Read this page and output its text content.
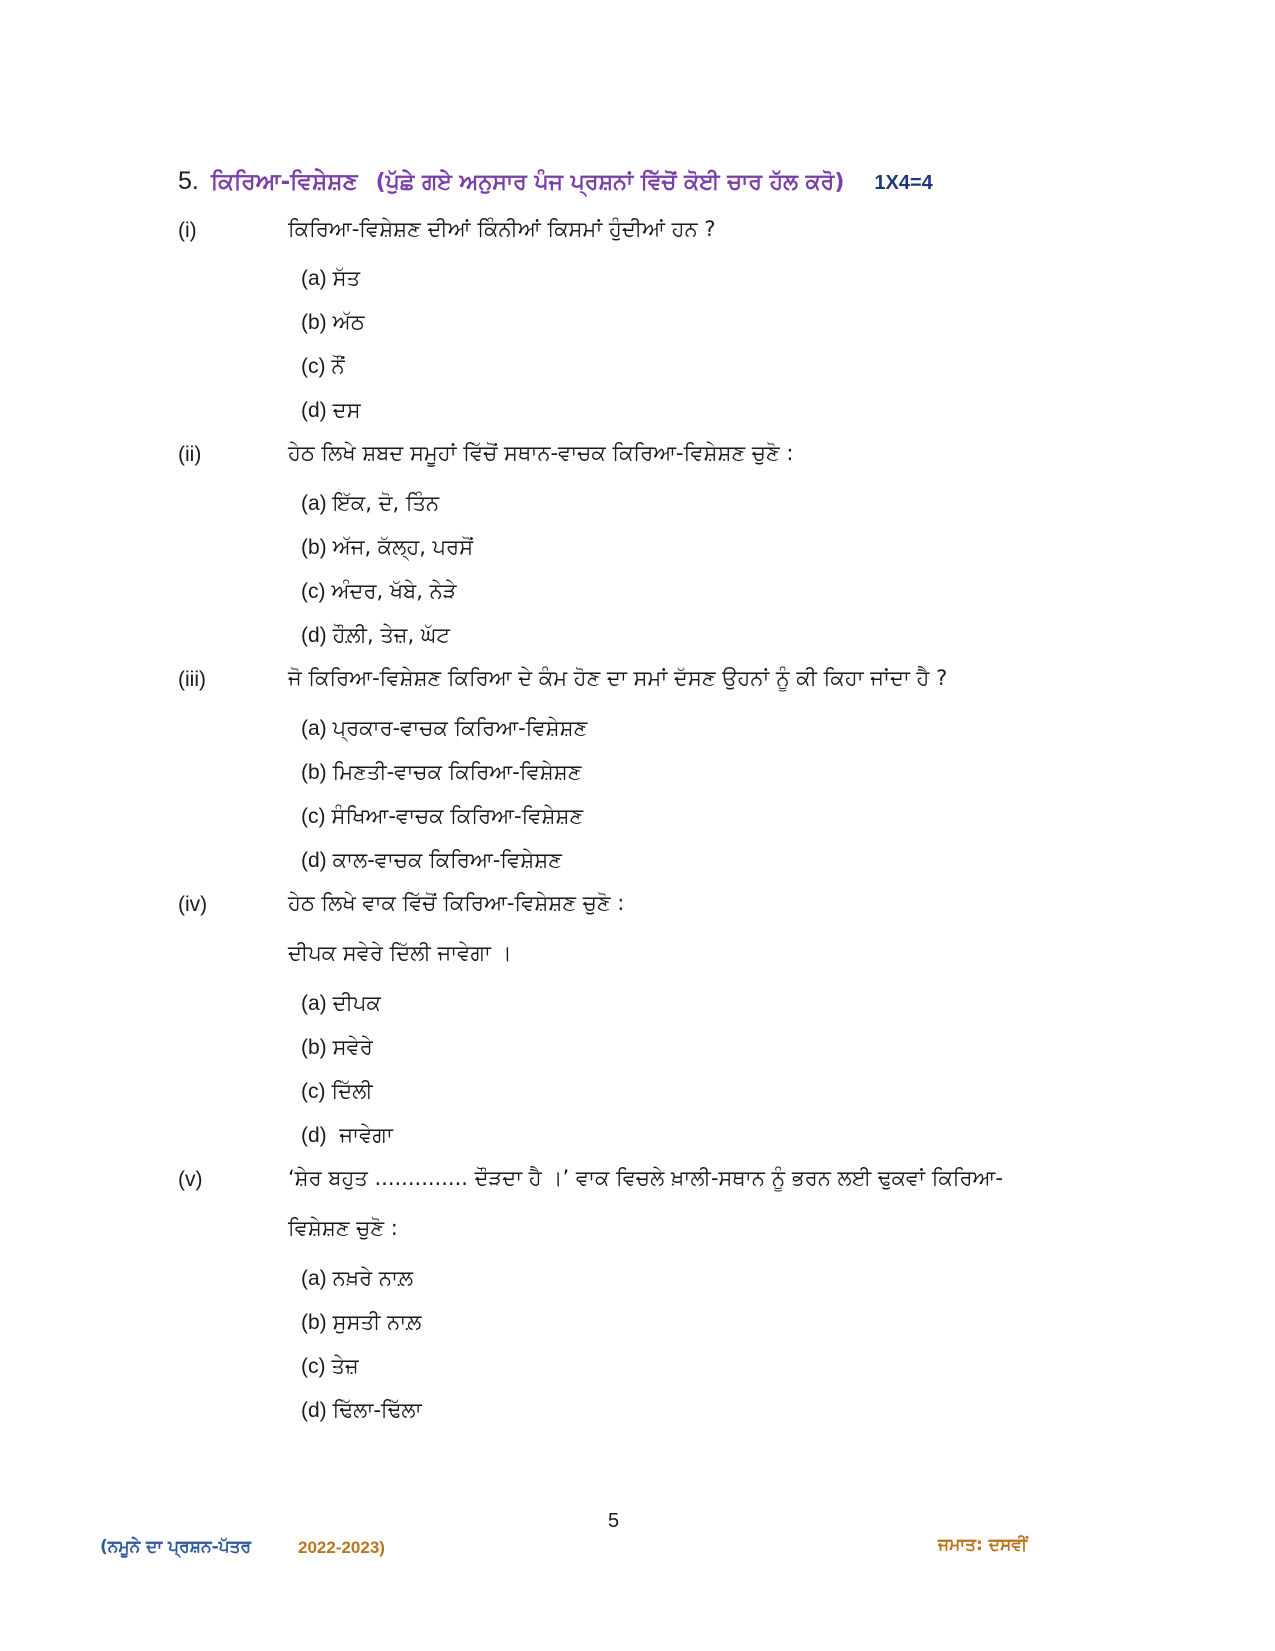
5. ਕਿਰਿਆ-ਵਿਸ਼ੇਸ਼ਣ (ਪੁੱਛੇ ਗਏ ਅਨੁਸਾਰ ਪੰਜ ਪ੍ਰਸ਼ਨਾਂ ਵਿੱਚੋਂ ਕੋਈ ਚਾਰ ਹੱਲ ਕਰੋ) 1X4=4
(i)	ਕਿਰਿਆ-ਵਿਸ਼ੇਸ਼ਣ ਦੀਆਂ ਕਿੰਨੀਆਂ ਕਿਸਮਾਂ ਹੁੰਦੀਆਂ ਹਨ ?
(a) ਸੱਤ
(b) ਅੱਠ
(c) ਨੌਂ
(d) ਦਸ
(ii)	ਹੇਠ ਲਿਖੇ ਸ਼ਬਦ ਸਮੂਹਾਂ ਵਿੱਚੋਂ ਸਥਾਨ-ਵਾਚਕ ਕਿਰਿਆ-ਵਿਸ਼ੇਸ਼ਣ ਚੁਣੋ :
(a) ਇੱਕ, ਦੋ, ਤਿੰਨ
(b) ਅੱਜ, ਕੱਲ੍ਹ, ਪਰਸੋਂ
(c) ਅੰਦਰ, ਖੱਬੇ, ਨੇੜੇ
(d) ਹੌਲ਼ੀ, ਤੇਜ਼, ਘੱਟ
(iii)	ਜੋ ਕਿਰਿਆ-ਵਿਸ਼ੇਸ਼ਣ ਕਿਰਿਆ ਦੇ ਕੰਮ ਹੋਣ ਦਾ ਸਮਾਂ ਦੱਸਣ ਉਹਨਾਂ ਨੂੰ ਕੀ ਕਿਹਾ ਜਾਂਦਾ ਹੈ ?
(a) ਪ੍ਰਕਾਰ-ਵਾਚਕ ਕਿਰਿਆ-ਵਿਸ਼ੇਸ਼ਣ
(b) ਮਿਣਤੀ-ਵਾਚਕ ਕਿਰਿਆ-ਵਿਸ਼ੇਸ਼ਣ
(c) ਸੰਖਿਆ-ਵਾਚਕ ਕਿਰਿਆ-ਵਿਸ਼ੇਸ਼ਣ
(d) ਕਾਲ-ਵਾਚਕ ਕਿਰਿਆ-ਵਿਸ਼ੇਸ਼ਣ
(iv)	ਹੇਠ ਲਿਖੇ ਵਾਕ ਵਿੱਚੋਂ ਕਿਰਿਆ-ਵਿਸ਼ੇਸ਼ਣ ਚੁਣੋ :
ਦੀਪਕ ਸਵੇਰੇ ਦਿੱਲੀ ਜਾਵੇਗਾ ।
(a) ਦੀਪਕ
(b) ਸਵੇਰੇ
(c) ਦਿੱਲੀ
(d) ਜਾਵੇਗਾ
(v)	‘ਸ਼ੇਰ ਬਹੁਤ .............. ਦੌੜਦਾ ਹੈ ।’ ਵਾਕ ਵਿਚਲੇ ਖ਼ਾਲੀ-ਸਥਾਨ ਨੂੰ ਭਰਨ ਲਈ ਢੁਕਵਾਂ ਕਿਰਿਆ-
ਵਿਸ਼ੇਸ਼ਣ ਚੁਣੋ :
(a) ਨਖ਼ਰੇ ਨਾਲ਼
(b) ਸੁਸਤੀ ਨਾਲ਼
(c) ਤੇਜ਼
(d) ਢਿੱਲਾ-ਢਿੱਲਾ
5
(ਨਮੂਨੇ ਦਾ ਪ੍ਰਸ਼ਨ-ਪੱਤਰ	2022-2023)	ਜਮਾਤ: ਦਸਵੀਂ
